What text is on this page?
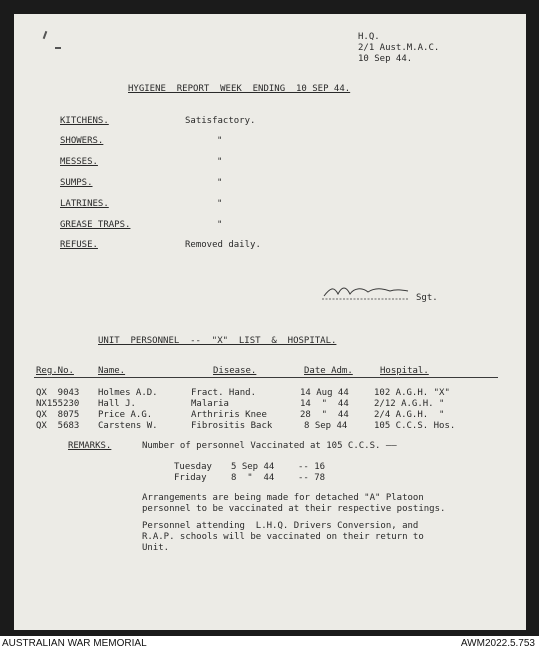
H.Q.
2/1 Aust.M.A.C.
10 Sep 44.
HYGIENE  REPORT  WEEK  ENDING  10 SEP 44.
KITCHENS.	Satisfactory.
SHOWERS.	"
MESSES.	"
SUMPS.	"
LATRINES.	"
GREASE TRAPS.	"
REFUSE.	Removed daily.
Sgt.
UNIT  PERSONNEL  --  "X"  LIST  &  HOSPITAL.
Reg.No.	Name.	Disease.	Date Adm.	Hospital.
QX  9043 Holmes A.D.	Fract. Hand.	14 Aug 44	102 A.G.H. "X"
NX155230 Hall J.	Malaria	14  "  44	2/12 A.G.H. "
QX  8075 Price A.G.	Arthriris Knee	28  "  44	2/4 A.G.H.  "
QX  5683 Carstens W.	Fibrositis Back	8 Sep 44	105 C.C.S. Hos.
REMARKS.	Number of personnel Vaccinated at 105 C.C.S. ——
Tuesday 5 Sep 44	-- 16
Friday	8  "  44	-- 78
Arrangements are being made for detached "A" Platoon
personnel to be vaccinated at their respective postings.
Personnel attending  L.H.Q. Drivers Conversion, and
R.A.P. schools will be vaccinated on their return to
Unit.
AUSTRALIAN WAR MEMORIAL	AWM2022.5.753
